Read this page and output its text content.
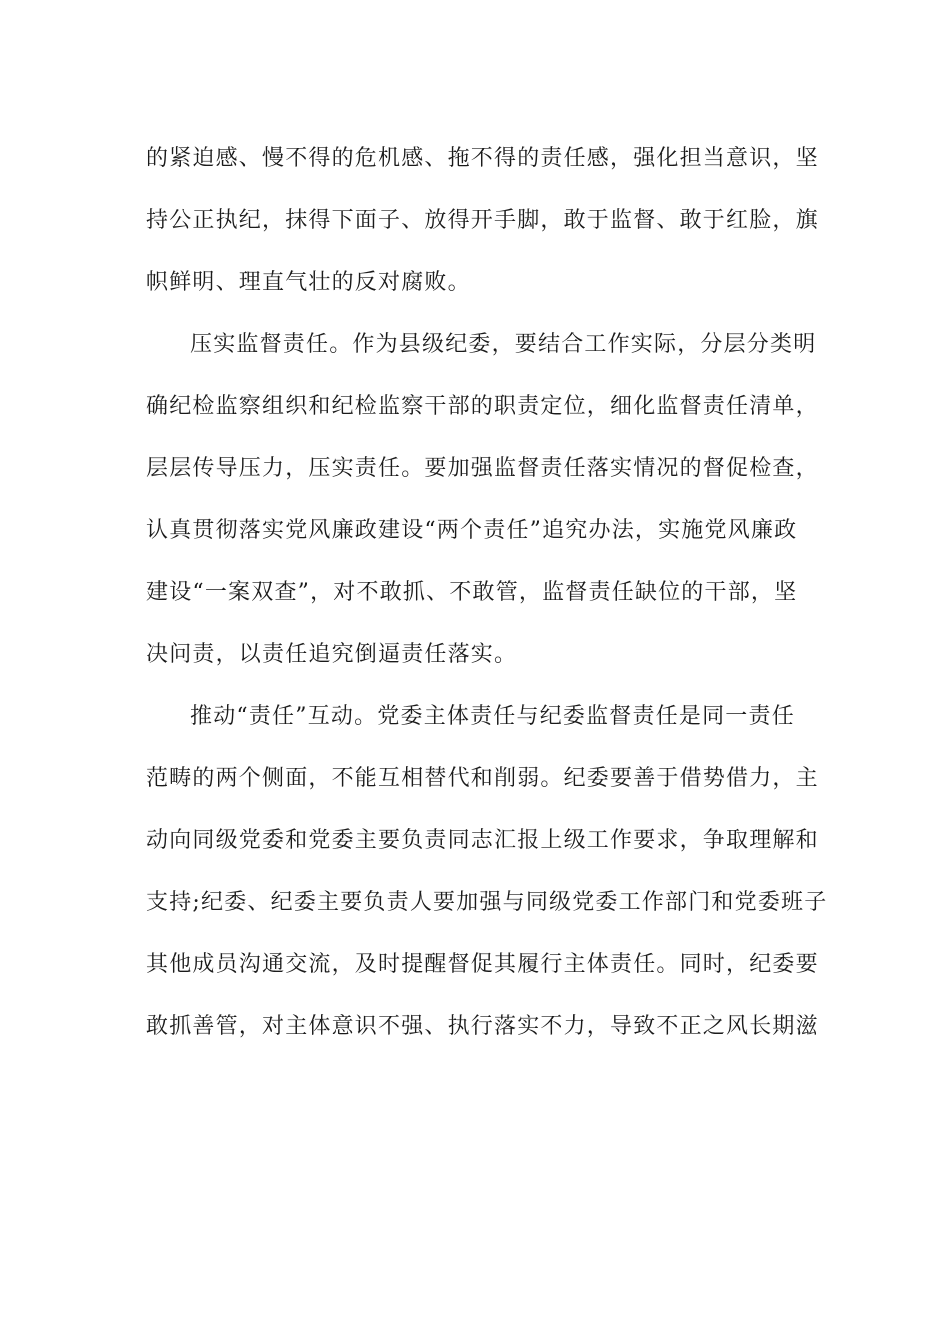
的紧迫感、慢不得的危机感、拖不得的责任感，强化担当意识，坚
持公正执纪，抹得下面子、放得开手脚，敢于监督、敢于红脸，旗
帜鲜明、理直气壮的反对腐败。
压实监督责任。作为县级纪委，要结合工作实际，分层分类明
确纪检监察组织和纪检监察干部的职责定位，细化监督责任清单，
层层传导压力，压实责任。要加强监督责任落实情况的督促检查，
认真贯彻落实党风廉政建设“两个责任”追究办法，实施党风廉政
建设“一案双查”，对不敢抓、不敢管，监督责任缺位的干部，坚
决问责，以责任追究倒逼责任落实。
推动“责任”互动。党委主体责任与纪委监督责任是同一责任
范畴的两个侧面，不能互相替代和削弱。纪委要善于借势借力，主
动向同级党委和党委主要负责同志汇报上级工作要求，争取理解和
支持;纪委、纪委主要负责人要加强与同级党委工作部门和党委班子
其他成员沟通交流，及时提醒督促其履行主体责任。同时，纪委要
敢抓善管，对主体意识不强、执行落实不力，导致不正之风长期滋
